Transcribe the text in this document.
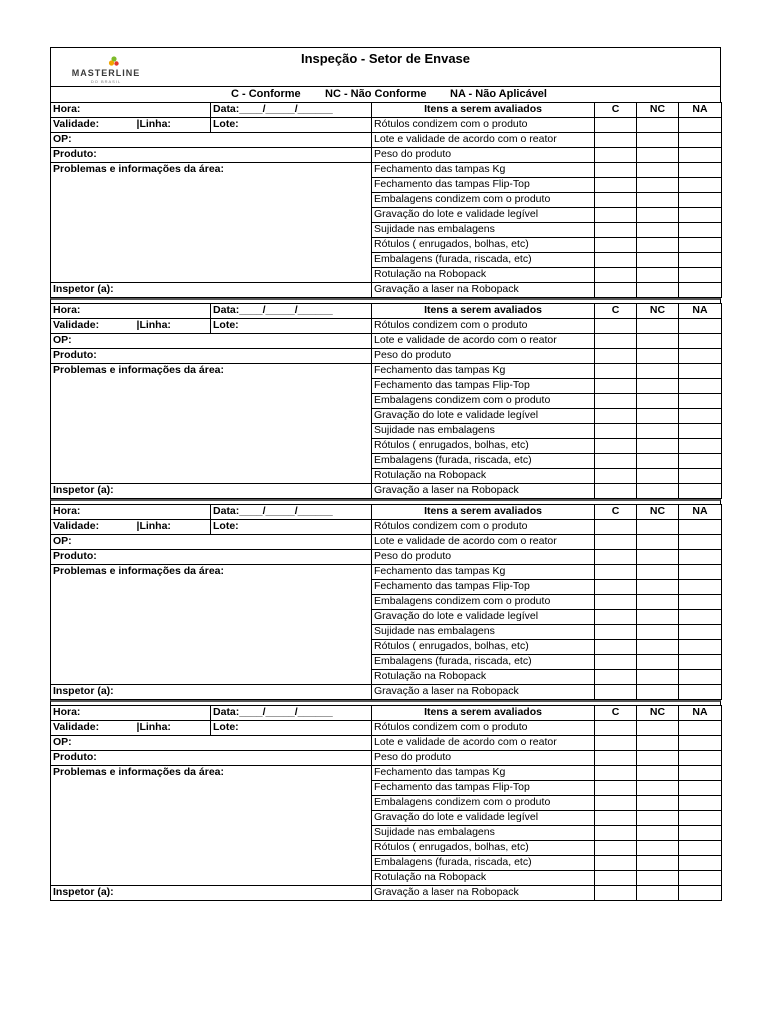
MASTERLINE
DO BRASIL
Inspeção - Setor de Envase
C - Conforme NC - Não Conforme NA - Não Aplicável
Hora:		Data:____/_____/______	Itens a serem avaliados	C	NC	NA
Validade:	|Linha:	Lote:	Rótulos condizem com o produto			
OP:			Lote e validade de acordo com o reator			
Produto:			Peso do produto			
Problemas e informações da área:			Fechamento das tampas Kg			
			Fechamento das tampas Flip-Top			
			Embalagens condizem com o produto			
			Gravação do lote e validade legível			
			Sujidade nas embalagens			
			Rótulos ( enrugados, bolhas, etc)			
			Embalagens (furada, riscada, etc)			
			Rotulação na Robopack			
Inspetor (a):			Gravação a laser na Robopack			
Hora:		Data:____/_____/______	Itens a serem avaliados	C	NC	NA
Validade:	|Linha:	Lote:	Rótulos condizem com o produto			
OP:			Lote e validade de acordo com o reator			
Produto:			Peso do produto			
Problemas e informações da área:			Fechamento das tampas Kg			
			Fechamento das tampas Flip-Top			
			Embalagens condizem com o produto			
			Gravação do lote e validade legível			
			Sujidade nas embalagens			
			Rótulos ( enrugados, bolhas, etc)			
			Embalagens (furada, riscada, etc)			
			Rotulação na Robopack			
Inspetor (a):			Gravação a laser na Robopack			
Hora:		Data:____/_____/______	Itens a serem avaliados	C	NC	NA
Validade:	|Linha:	Lote:	Rótulos condizem com o produto			
OP:			Lote e validade de acordo com o reator			
Produto:			Peso do produto			
Problemas e informações da área:			Fechamento das tampas Kg			
			Fechamento das tampas Flip-Top			
			Embalagens condizem com o produto			
			Gravação do lote e validade legível			
			Sujidade nas embalagens			
			Rótulos ( enrugados, bolhas, etc)			
			Embalagens (furada, riscada, etc)			
			Rotulação na Robopack			
Inspetor (a):			Gravação a laser na Robopack			
Hora:		Data:____/_____/______	Itens a serem avaliados	C	NC	NA
Validade:	|Linha:	Lote:	Rótulos condizem com o produto			
OP:			Lote e validade de acordo com o reator			
Produto:			Peso do produto			
Problemas e informações da área:			Fechamento das tampas Kg			
			Fechamento das tampas Flip-Top			
			Embalagens condizem com o produto			
			Gravação do lote e validade legível			
			Sujidade nas embalagens			
			Rótulos ( enrugados, bolhas, etc)			
			Embalagens (furada, riscada, etc)			
			Rotulação na Robopack			
Inspetor (a):			Gravação a laser na Robopack			
